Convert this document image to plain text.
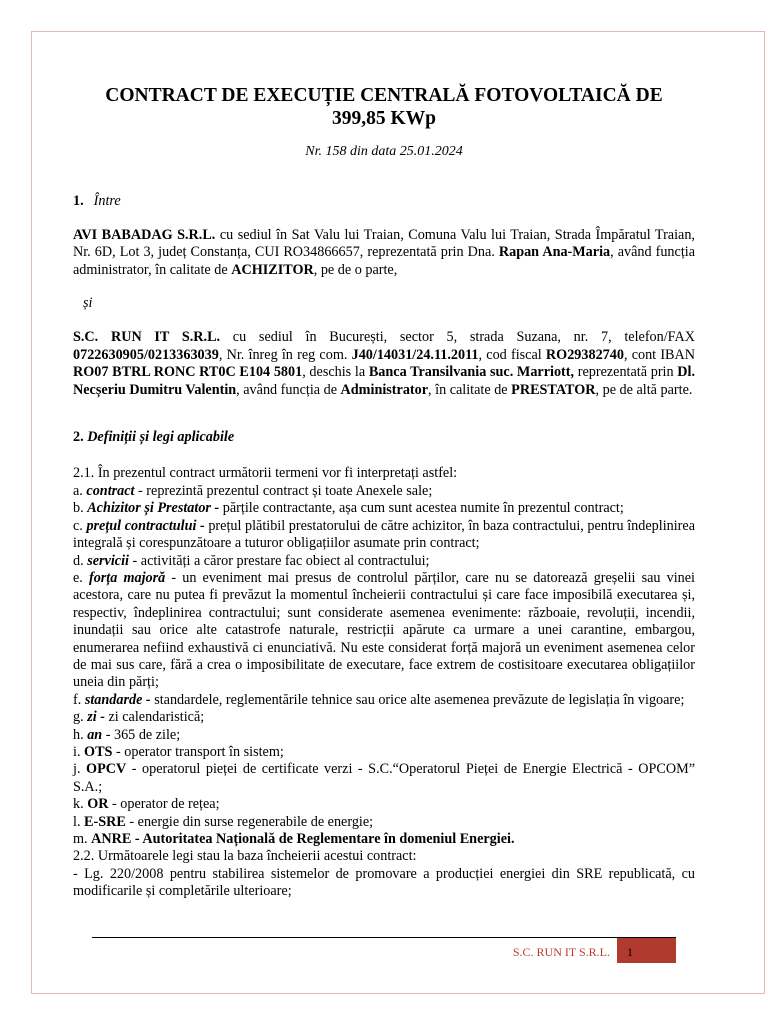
CONTRACT DE EXECUȚIE CENTRALĂ FOTOVOLTAICĂ DE
399,85 KWp
Nr. 158 din data 25.01.2024
1. Între

AVI BABADAG S.R.L. cu sediul în Sat Valu lui Traian, Comuna Valu lui Traian, Strada Împăratul Traian, Nr. 6D, Lot 3, județ Constanța, CUI RO34866657, reprezentată prin Dna. Rapan Ana-Maria, având funcția administrator, în calitate de ACHIZITOR, pe de o parte,

și

S.C. RUN IT S.R.L. cu sediul în București, sector 5, strada Suzana, nr. 7, telefon/FAX 0722630905/0213363039, Nr. înreg în reg com. J40/14031/24.11.2011, cod fiscal RO29382740, cont IBAN RO07 BTRL RONC RT0C E104 5801, deschis la Banca Transilvania suc. Marriott, reprezentată prin Dl. Necșeriu Dumitru Valentin, având funcția de Administrator, în calitate de PRESTATOR, pe de altă parte.

2. Definiții și legi aplicabile

2.1. În prezentul contract următorii termeni vor fi interpretați astfel:

a. contract - reprezintă prezentul contract și toate Anexele sale;

b. Achizitor și Prestator - părțile contractante, așa cum sunt acestea numite în prezentul contract;

c. prețul contractului - prețul plătibil prestatorului de către achizitor, în baza contractului, pentru îndeplinirea integrală și corespunzătoare a tuturor obligațiilor asumate prin contract;

d. servicii - activități a căror prestare fac obiect al contractului;

e. forța majoră - un eveniment mai presus de controlul părților, care nu se datorează greșelii sau vinei acestora, care nu putea fi prevăzut la momentul încheierii contractului și care face imposibilă executarea și, respectiv, îndeplinirea contractului; sunt considerate asemenea evenimente: războaie, revoluții, incendii, inundații sau orice alte catastrofe naturale, restricții apărute ca urmare a unei carantine, embargou, enumerarea nefiind exhaustivă ci enunciativă. Nu este considerat forță majoră un eveniment asemenea celor de mai sus care, fără a crea o imposibilitate de executare, face extrem de costisitoare executarea obligațiilor uneia din părți;

f. standarde - standardele, reglementările tehnice sau orice alte asemenea prevăzute de legislația în vigoare;

g. zi - zi calendaristică;

h. an - 365 de zile;

i. OTS - operator transport în sistem;

j. OPCV - operatorul pieței de certificate verzi - S.C.“Operatorul Pieței de Energie Electrică - OPCOM” S.A.;

k. OR - operator de rețea;

l. E-SRE - energie din surse regenerabile de energie;

m. ANRE - Autoritatea Națională de Reglementare în domeniul Energiei.

2.2. Următoarele legi stau la baza încheierii acestui contract:

- Lg. 220/2008 pentru stabilirea sistemelor de promovare a producției energiei din SRE republicată, cu modificarile și completările ulterioare;

S.C. RUN IT S.R.L.	1
